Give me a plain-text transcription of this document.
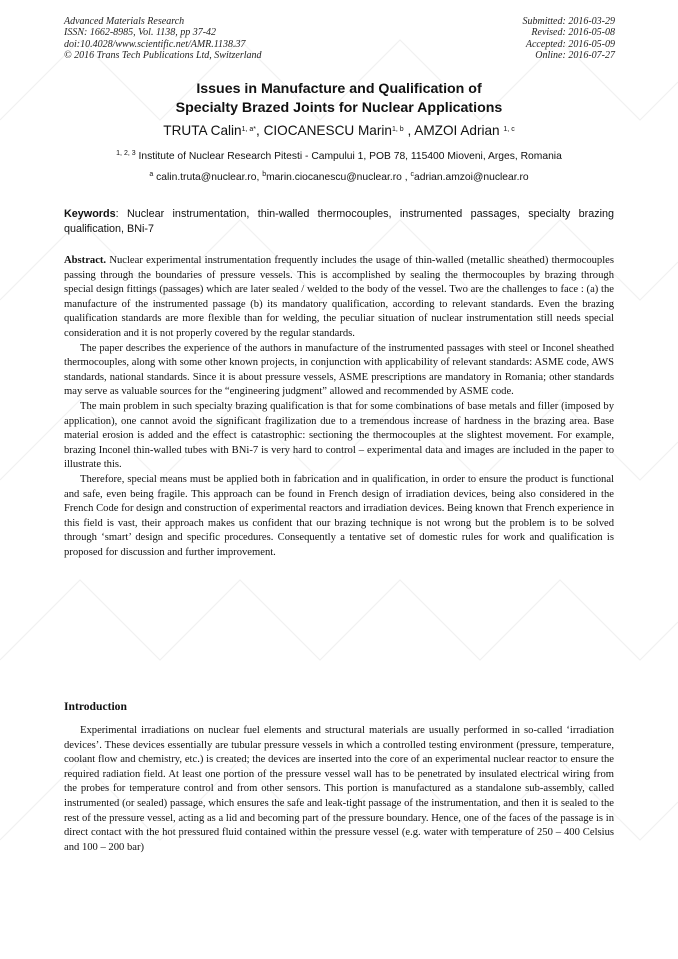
Advanced Materials Research
ISSN: 1662-8985, Vol. 1138, pp 37-42
doi:10.4028/www.scientific.net/AMR.1138.37
© 2016 Trans Tech Publications Ltd, Switzerland
Submitted: 2016-03-29
Revised: 2016-05-08
Accepted: 2016-05-09
Online: 2016-07-27
Issues in Manufacture and Qualification of
Specialty Brazed Joints for Nuclear Applications
TRUTA Calin$^{1, a*}$, CIOCANESCU Marin$^{1, b}$ , AMZOI Adrian $^{1, c}$
$^{1, 2, 3}$ Institute of Nuclear Research Pitesti - Campului 1, POB 78, 115400 Mioveni, Arges, Romania
$^a$ calin.truta@nuclear.ro, $^b$marin.ciocanescu@nuclear.ro , $^c$adrian.amzoi@nuclear.ro
Keywords: Nuclear instrumentation, thin-walled thermocouples, instrumented passages, specialty brazing qualification, BNi-7

Abstract. Nuclear experimental instrumentation frequently includes the usage of thin-walled (metallic sheathed) thermocouples passing through the boundaries of pressure vessels. This is accomplished by sealing the thermocouples by brazing through special design fittings (passages) which are later sealed / welded to the body of the vessel. Two are the challenges to face : (a) the manufacture of the instrumented passage (b) its mandatory qualification, according to relevant standards. Even the brazing qualification standards are more flexible than for welding, the peculiar situation of nuclear instrumentation still needs special consideration and it is not properly covered by the regular standards.

The paper describes the experience of the authors in manufacture of the instrumented passages with steel or Inconel sheathed thermocouples, along with some other known projects, in conjunction with applicability of relevant standards: ASME code, AWS standards, national standards. Since it is about pressure vessels, ASME prescriptions are mandatory in Romania; other standards may serve as valuable sources for the “engineering judgment” allowed and recommended by ASME code.

The main problem in such specialty brazing qualification is that for some combinations of base metals and filler (imposed by application), one cannot avoid the significant fragilization due to a tremendous increase of hardness in the brazing area. Base material erosion is added and the effect is catastrophic: sectioning the thermocouples at the slightest movement. For example, brazing Inconel thin-walled tubes with BNi-7 is very hard to control – experimental data and images are included in the paper to illustrate this.

Therefore, special means must be applied both in fabrication and in qualification, in order to ensure the product is functional and safe, even being fragile. This approach can be found in French design of irradiation devices, being also considered in the French Code for design and construction of experimental reactors and irradiation devices. Being known that French experience in this field is vast, their approach makes us confident that our brazing technique is not wrong but the problem is to be solved through ‘smart’ design and specific procedures. Consequently a tentative set of domestic rules for work and qualification is proposed for discussion and further improvement.

Introduction

Experimental irradiations on nuclear fuel elements and structural materials are usually performed in so-called ‘irradiation devices’. These devices essentially are tubular pressure vessels in which a controlled testing environment (pressure, temperature, coolant flow and chemistry, etc.) is created; the devices are inserted into the core of an experimental nuclear reactor to ensure the required radiation field. At least one portion of the pressure vessel wall has to be penetrated by insulated electrical wiring from the probes for temperature control and from other sensors. This portion is manufactured as a standalone sub-assembly, called instrumented (or sealed) passage, which ensures the safe and leak-tight passage of the instrumentation, and then it is sealed to the rest of the pressure vessel, acting as a lid and becoming part of the pressure boundary. Hence, one of the faces of the passage is in direct contact with the hot pressured fluid contained within the pressure vessel (e.g. water with temperature of 250 – 400 Celsius and 100 – 200 bar)
